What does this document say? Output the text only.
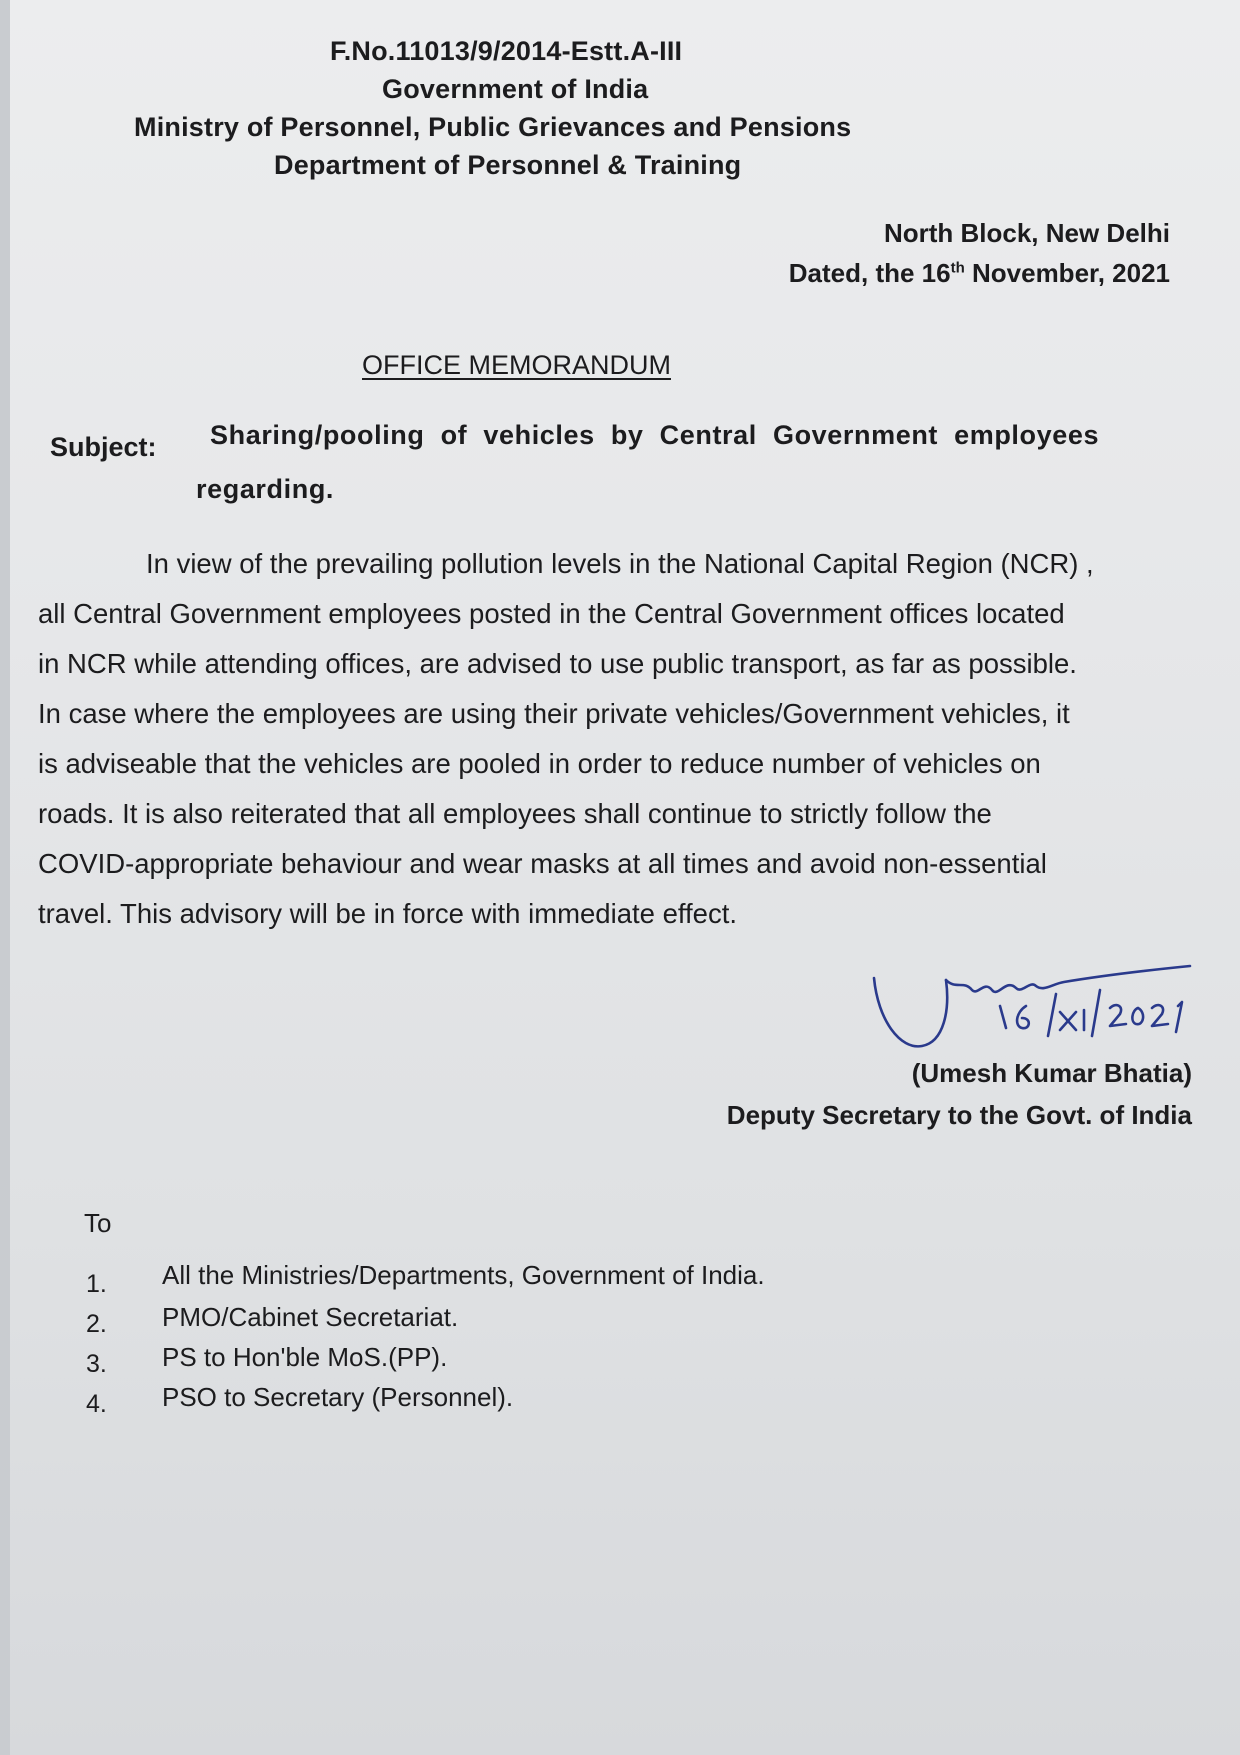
F.No.11013/9/2014-Estt.A-III
Government of India
Ministry of Personnel, Public Grievances and Pensions
Department of Personnel & Training
North Block, New Delhi
Dated, the 16th November, 2021
OFFICE MEMORANDUM
Subject: Sharing/pooling of vehicles by Central Government employees
regarding.
In view of the prevailing pollution levels in the National Capital Region (NCR) ,
all Central Government employees posted in the Central Government offices located
in NCR while attending offices, are advised to use public transport, as far as possible.
In case where the employees are using their private vehicles/Government vehicles, it
is adviseable that the vehicles are pooled in order to reduce number of vehicles on
roads. It is also reiterated that all employees shall continue to strictly follow the
COVID-appropriate behaviour and wear masks at all times and avoid non-essential
travel. This advisory will be in force with immediate effect.
(Umesh Kumar Bhatia)
Deputy Secretary to the Govt. of India
To
1. All the Ministries/Departments, Government of India.
2. PMO/Cabinet Secretariat.
3. PS to Hon'ble MoS.(PP).
4. PSO to Secretary (Personnel).
